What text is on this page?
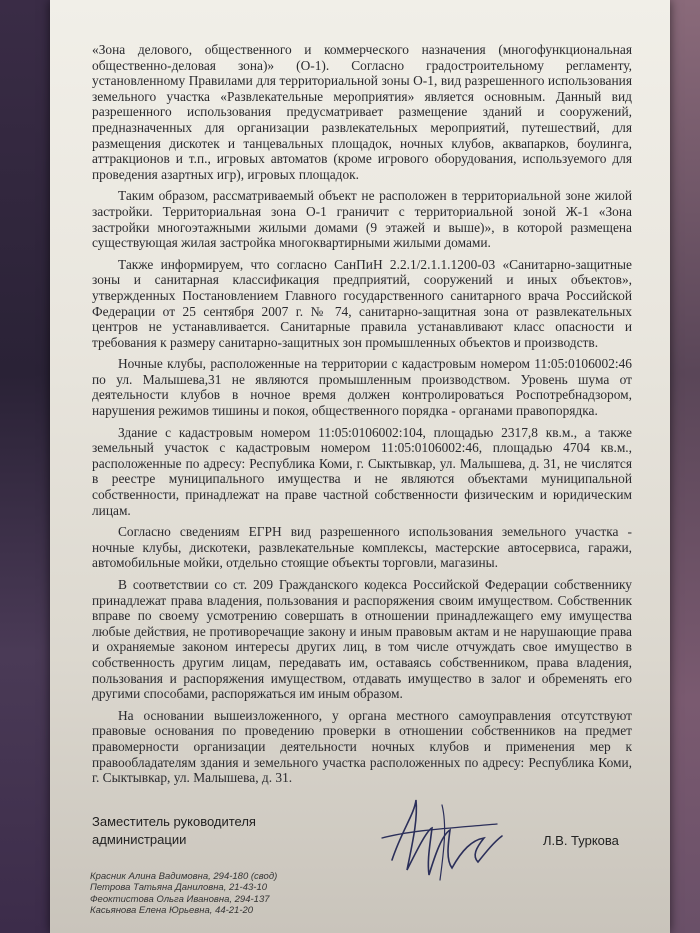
«Зона делового, общественного и коммерческого назначения (многофункциональная общественно-деловая зона)» (О-1). Согласно градостроительному регламенту, установленному Правилами для территориальной зоны О-1, вид разрешенного использования земельного участка «Развлекательные мероприятия» является основным. Данный вид разрешенного использования предусматривает размещение зданий и сооружений, предназначенных для организации развлекательных мероприятий, путешествий, для размещения дискотек и танцевальных площадок, ночных клубов, аквапарков, боулинга, аттракционов и т.п., игровых автоматов (кроме игрового оборудования, используемого для проведения азартных игр), игровых площадок.

Таким образом, рассматриваемый объект не расположен в территориальной зоне жилой застройки. Территориальная зона О-1 граничит с территориальной зоной Ж-1 «Зона застройки многоэтажными жилыми домами (9 этажей и выше)», в которой размещена существующая жилая застройка многоквартирными жилыми домами.

Также информируем, что согласно СанПиН 2.2.1/2.1.1.1200-03 «Санитарно-защитные зоны и санитарная классификация предприятий, сооружений и иных объектов», утвержденных Постановлением Главного государственного санитарного врача Российской Федерации от 25 сентября 2007 г. № 74, санитарно-защитная зона от развлекательных центров не устанавливается. Санитарные правила устанавливают класс опасности и требования к размеру санитарно-защитных зон промышленных объектов и производств.

Ночные клубы, расположенные на территории с кадастровым номером 11:05:0106002:46 по ул. Малышева,31 не являются промышленным производством. Уровень шума от деятельности клубов в ночное время должен контролироваться Роспотребнадзором, нарушения режимов тишины и покоя, общественного порядка - органами правопорядка.

Здание с кадастровым номером 11:05:0106002:104, площадью 2317,8 кв.м., а также земельный участок с кадастровым номером 11:05:0106002:46, площадью 4704 кв.м., расположенные по адресу: Республика Коми, г. Сыктывкар, ул. Малышева, д. 31, не числятся в реестре муниципального имущества и не являются объектами муниципальной собственности, принадлежат на праве частной собственности физическим и юридическим лицам.

Согласно сведениям ЕГРН вид разрешенного использования земельного участка - ночные клубы, дискотеки, развлекательные комплексы, мастерские автосервиса, гаражи, автомобильные мойки, отдельно стоящие объекты торговли, магазины.

В соответствии со ст. 209 Гражданского кодекса Российской Федерации собственнику принадлежат права владения, пользования и распоряжения своим имуществом. Собственник вправе по своему усмотрению совершать в отношении принадлежащего ему имущества любые действия, не противоречащие закону и иным правовым актам и не нарушающие права и охраняемые законом интересы других лиц, в том числе отчуждать свое имущество в собственность другим лицам, передавать им, оставаясь собственником, права владения, пользования и распоряжения имуществом, отдавать имущество в залог и обременять его другими способами, распоряжаться им иным образом.

На основании вышеизложенного, у органа местного самоуправления отсутствуют правовые основания по проведению проверки в отношении собственников на предмет правомерности организации деятельности ночных клубов и применения мер к правообладателям здания и земельного участка расположенных по адресу: Республика Коми, г. Сыктывкар, ул. Малышева, д. 31.

Заместитель руководителя
администрации	Л.В. Туркова
Красник Алина Вадимовна, 294-180 (свод)
Петрова Татьяна Даниловна, 21-43-10
Феоктистова Ольга Ивановна, 294-137
Касьянова Елена Юрьевна, 44-21-20
